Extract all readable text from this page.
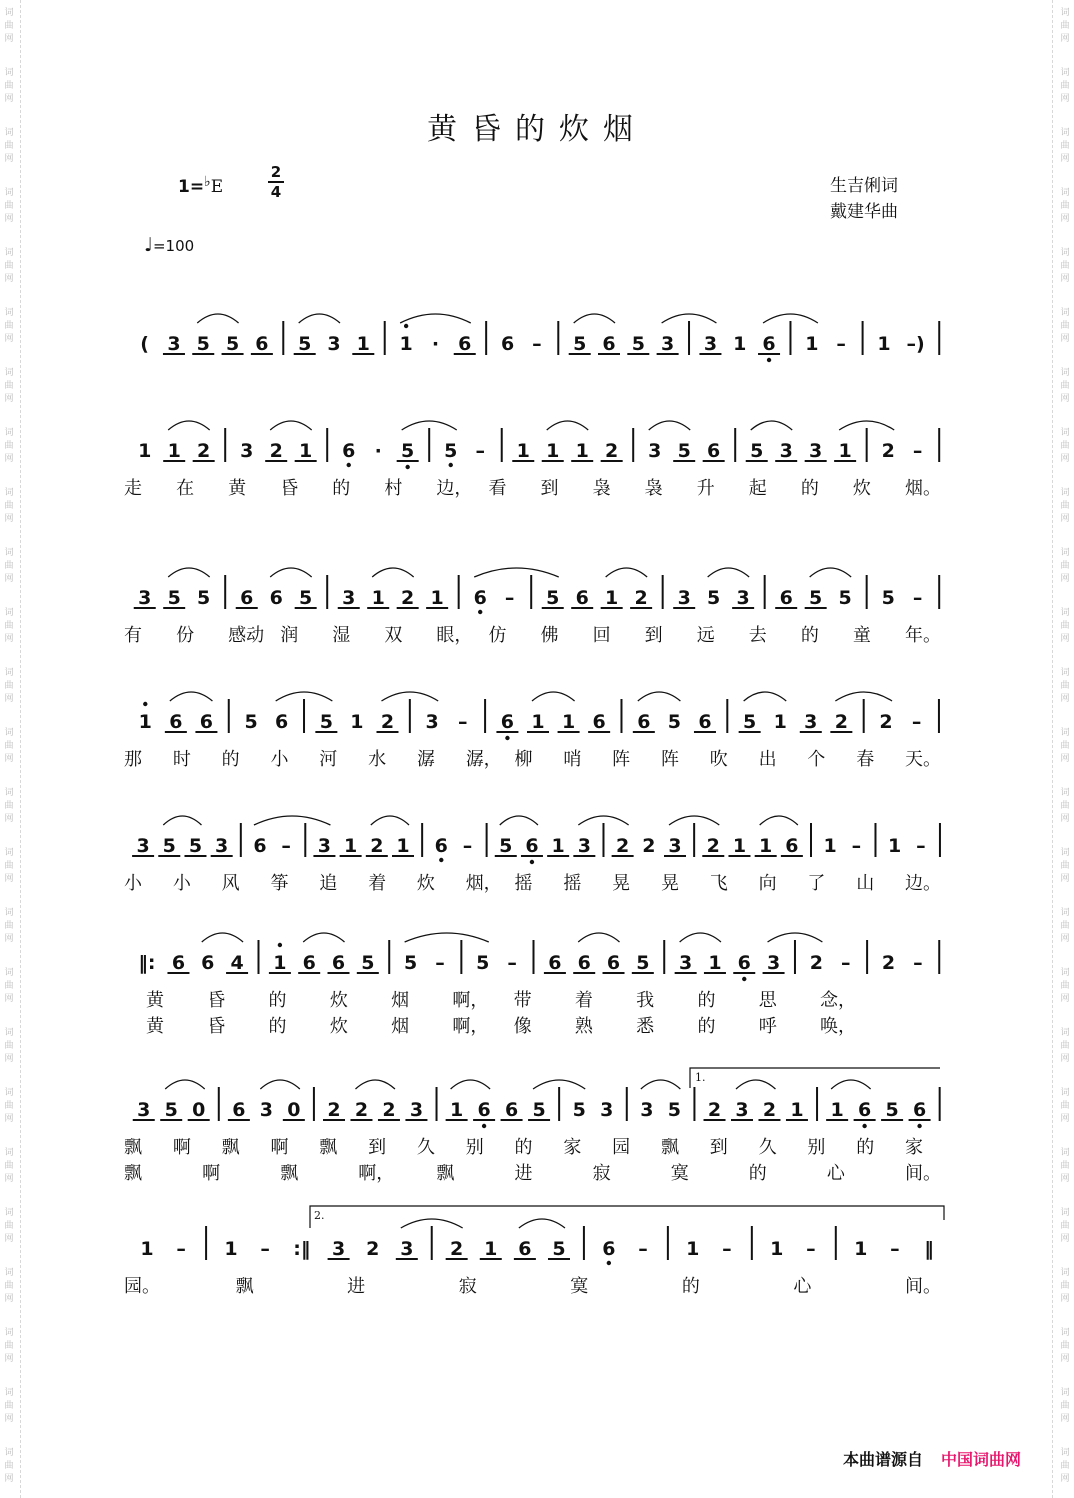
词
曲
网
词
曲
网
词
曲
网
词
曲
网
词
曲
网
词
曲
网
词
曲
网
词
曲
网
词
曲
网
词
曲
网
词
曲
网
词
曲
网
词
曲
网
词
曲
网
词
曲
网
词
曲
网
词
曲
网
词
曲
网
词
曲
网
词
曲
网
词
曲
网
词
曲
网
词
曲
网
词
曲
网
词
曲
网
词
曲
网
词
曲
网
词
曲
网
词
曲
网
词
曲
网
词
曲
网
词
曲
网
词
曲
网
词
曲
网
词
曲
网
词
曲
网
词
曲
网
词
曲
网
词
曲
网
词
曲
网
词
曲
网
词
曲
网
词
曲
网
词
曲
网
词
曲
网
词
曲
网
词
曲
网
词
曲
网
词
曲
网
词
曲
网
黄昏的炊烟
1=♭E
2
4
♩=100
生吉俐词
戴建华曲
( 3 5 5 6 5 3 1 1 · 6 6 – 5 6 5 3 3 1 6 1 – 1 –)
1 1 2 3 2 1 6 · 5 5 – 1 1 1 2 3 5 6 5 3 3 1 2 –
走 在 黄 昏 的 村 边， 看 到 袅 袅 升 起 的 炊 烟。
3 5 5 6 6 5 3 1 2 1 6 – 5 6 1 2 3 5 3 6 5 5 5 –
有 份 感动 润 湿 双 眼， 仿 佛 回 到 远 去 的 童 年。
1 6 6 5 6 5 1 2 3 – 6 1 1 6 6 5 6 5 1 3 2 2 –
那 时 的 小 河 水 潺 潺， 柳 哨 阵 阵 吹 出 个 春 天。
3 5 5 3 6 – 3 1 2 1 6 – 5 6 1 3 2 2 3 2 1 1 6 1 – 1 –
小 小 风 筝 追 着 炊 烟， 摇 摇 晃 晃 飞 向 了 山 边。
‖: 6 6 4 1 6 6 5 5 – 5 – 6 6 6 5 3 1 6 3 2 – 2 –
黄 昏 的 炊 烟 啊， 带 着 我 的 思 念，
黄 昏 的 炊 烟 啊， 像 熟 悉 的 呼 唤，
3 5 0 6 3 0 2 2 2 3 1 6 6 5 5 3 3 5 2 3 2 1 1 6 5 6
飘 啊 飘 啊 飘 到 久 别 的 家 园 飘 到 久 别 的 家
飘	啊	飘	啊， 飘	进	寂	寞	的	心	间。
1 – 1 – :‖ 3 2 3 2 1 6 5 6 – 1 – 1 – 1 – ‖
园。	飘	进	寂	寞	的	心	间。
1.
2.
本曲谱源自 中国词曲网
